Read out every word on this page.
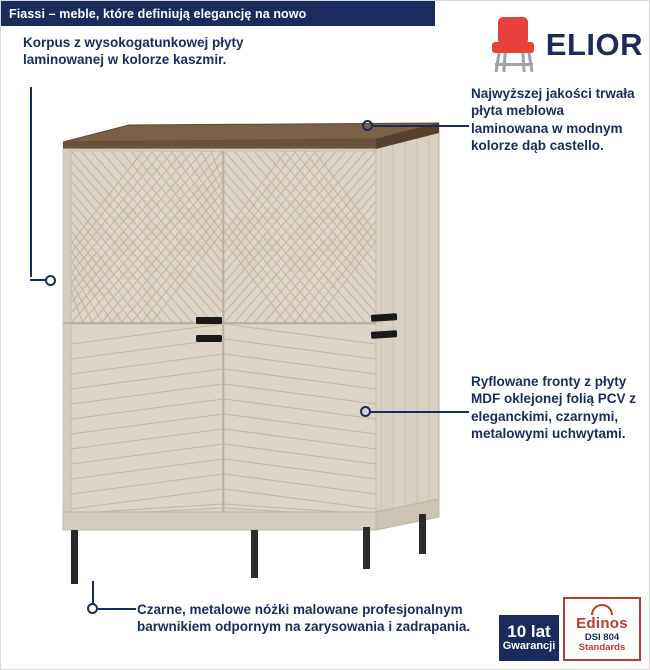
Fiassi – meble, które definiują elegancję na nowo
ELIOR
Korpus z wysokogatunkowej płyty laminowanej w kolorze kaszmir.
Najwyższej jakości trwała płyta meblowa laminowana w modnym kolorze dąb castello.
Ryflowane fronty z płyty MDF oklejonej folią PCV z eleganckimi, czarnymi, metalowymi uchwytami.
Czarne, metalowe nóżki malowane profesjonalnym barwnikiem odpornym na zarysowania i zadrapania.	10 lat
Gwarancji
Edinos
DSI 804
Standards
